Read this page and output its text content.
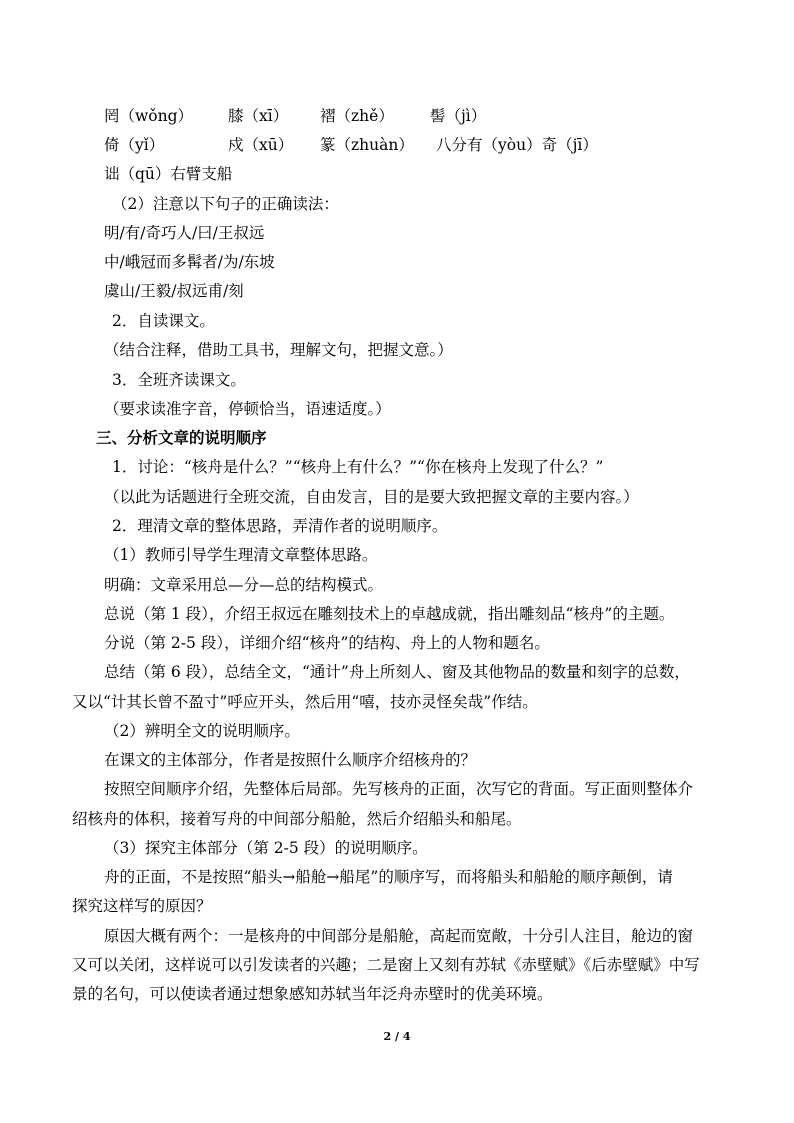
罔（wǒng） 膝（xī） 褶（zhě） 髻（jì）
倚（yǐ）	戍（xū） 篆（zhuàn） 八分有（yòu）奇（jī）
诎（qū）右臂支船
（2）注意以下句子的正确读法：
明/有/奇巧人/曰/王叔远
中/峨冠而多髯者/为/东坡
虞山/王毅/叔远甫/刻
2．自读课文。
（结合注释，借助工具书，理解文句，把握文意。）
3．全班齐读课文。
（要求读准字音，停顿恰当，语速适度。）
三、分析文章的说明顺序
1．讨论：“核舟是什么？”“核舟上有什么？”“你在核舟上发现了什么？”
（以此为话题进行全班交流，自由发言，目的是要大致把握文章的主要内容。）
2．理清文章的整体思路，弄清作者的说明顺序。
（1）教师引导学生理清文章整体思路。
明确：文章采用总—分—总的结构模式。
总说（第 1 段），介绍王叔远在雕刻技术上的卓越成就，指出雕刻品“核舟”的主题。
分说（第 2-5 段），详细介绍“核舟”的结构、舟上的人物和题名。
总结（第 6 段），总结全文，“通计”舟上所刻人、窗及其他物品的数量和刻字的总数，
又以“计其长曾不盈寸”呼应开头，然后用“嘻，技亦灵怪矣哉”作结。
（2）辨明全文的说明顺序。
在课文的主体部分，作者是按照什么顺序介绍核舟的？
按照空间顺序介绍，先整体后局部。先写核舟的正面，次写它的背面。写正面则整体介
绍核舟的体积，接着写舟的中间部分船舱，然后介绍船头和船尾。
（3）探究主体部分（第 2-5 段）的说明顺序。
舟的正面，不是按照“船头→船舱→船尾”的顺序写，而将船头和船舱的顺序颠倒，请
探究这样写的原因？
原因大概有两个：一是核舟的中间部分是船舱，高起而宽敞，十分引人注目，舱边的窗
又可以关闭，这样说可以引发读者的兴趣；二是窗上又刻有苏轼《赤壁赋》《后赤壁赋》中写
景的名句，可以使读者通过想象感知苏轼当年泛舟赤壁时的优美环境。
2 / 4
